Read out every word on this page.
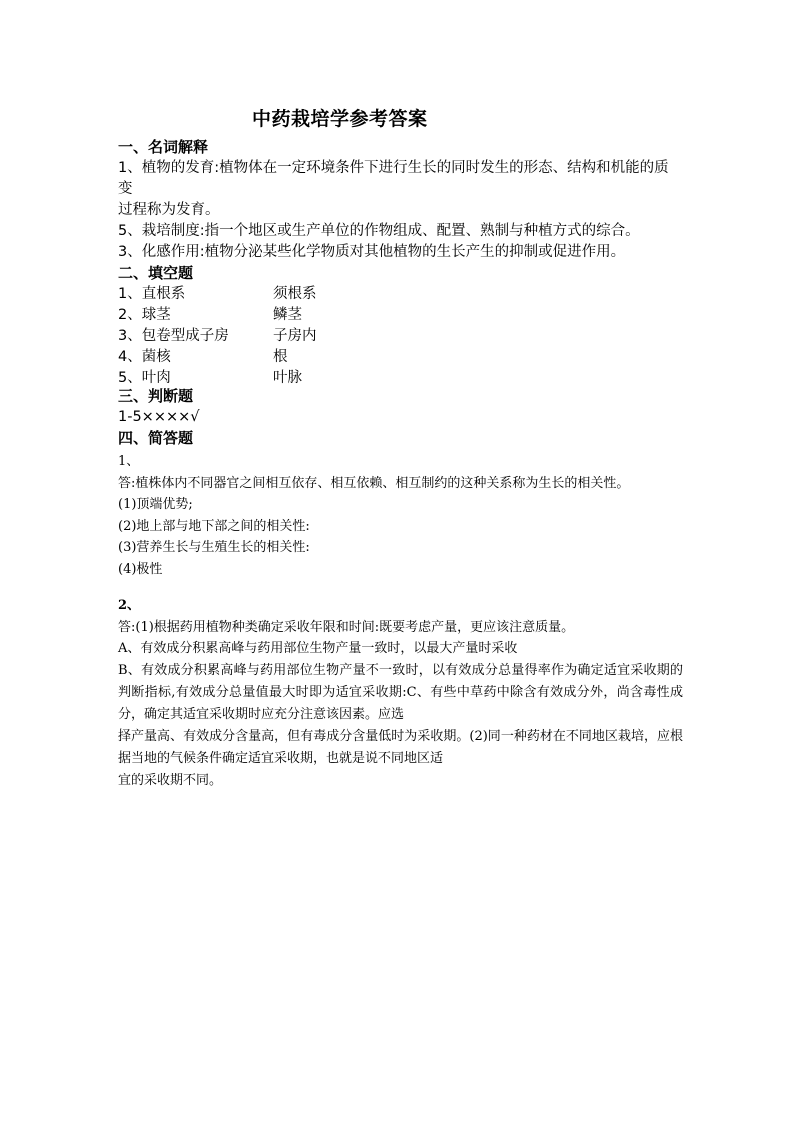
中药栽培学参考答案
一、名词解释
1、植物的发育:植物体在一定环境条件下进行生长的同时发生的形态、结构和机能的质变
过程称为发育。
5、栽培制度:指一个地区或生产单位的作物组成、配置、熟制与种植方式的综合。
3、化感作用:植物分泌某些化学物质对其他植物的生长产生的抑制或促进作用。
二、填空题
1、直根系	须根系
2、球茎	鳞茎
3、包卷型成子房	子房内
4、菌核	根
5、叶肉	叶脉
三、判断题
1-5××××√
四、简答题
1、
答:植株体内不同器官之间相互依存、相互依赖、相互制约的这种关系称为生长的相关性。
(1)顶端优势;
(2)地上部与地下部之间的相关性:
(3)营养生长与生殖生长的相关性:
(4)极性
2、
答:(1)根据药用植物种类确定采收年限和时间:既要考虑产量，更应该注意质量。
A、有效成分积累高峰与药用部位生物产量一致时，以最大产量时采收
B、有效成分积累高峰与药用部位生物产量不一致时，以有效成分总量得率作为确定适宜采收期的判断指标,有效成分总量值最大时即为适宜采收期:C、有些中草药中除含有效成分外，尚含毒性成分，确定其适宜采收期时应充分注意该因素。应选
择产量高、有效成分含量高，但有毒成分含量低时为采收期。(2)同一种药材在不同地区栽培，应根据当地的气候条件确定适宜采收期，也就是说不同地区适
宜的采收期不同。
